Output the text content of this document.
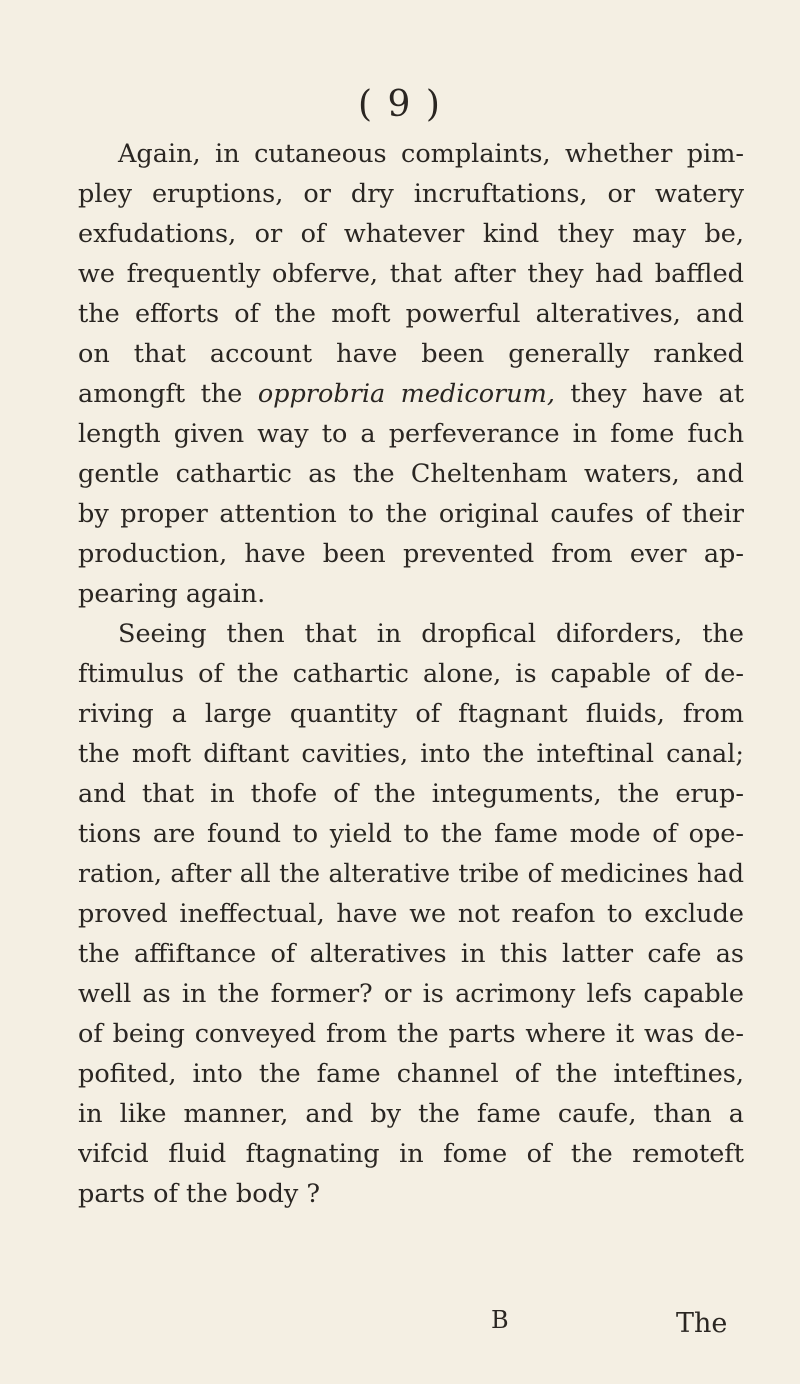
( 9 )
Again, in cutaneous complaints, whether pim-
pley eruptions, or dry incruftations, or watery
exfudations, or of whatever kind they may be,
we frequently obferve, that after they had baffled
the efforts of the moft powerful alteratives, and
on that account have been generally ranked
amongft the opprobria medicorum, they have at
length given way to a perfeverance in fome fuch
gentle cathartic as the Cheltenham waters, and
by proper attention to the original caufes of their
production, have been prevented from ever ap-
pearing again.
Seeing then that in dropfical diforders, the
ftimulus of the cathartic alone, is capable of de-
riving a large quantity of ftagnant fluids, from
the moft diftant cavities, into the inteftinal canal;
and that in thofe of the integuments, the erup-
tions are found to yield to the fame mode of ope-
ration, after all the alterative tribe of medicines had
proved ineffectual, have we not reafon to exclude
the affiftance of alteratives in this latter cafe as
well as in the former? or is acrimony lefs capable
of being conveyed from the parts where it was de-
pofited, into the fame channel of the inteftines,
in like manner, and by the fame caufe, than a
vifcid fluid ftagnating in fome of the remoteft
parts of the body ?
B	The
